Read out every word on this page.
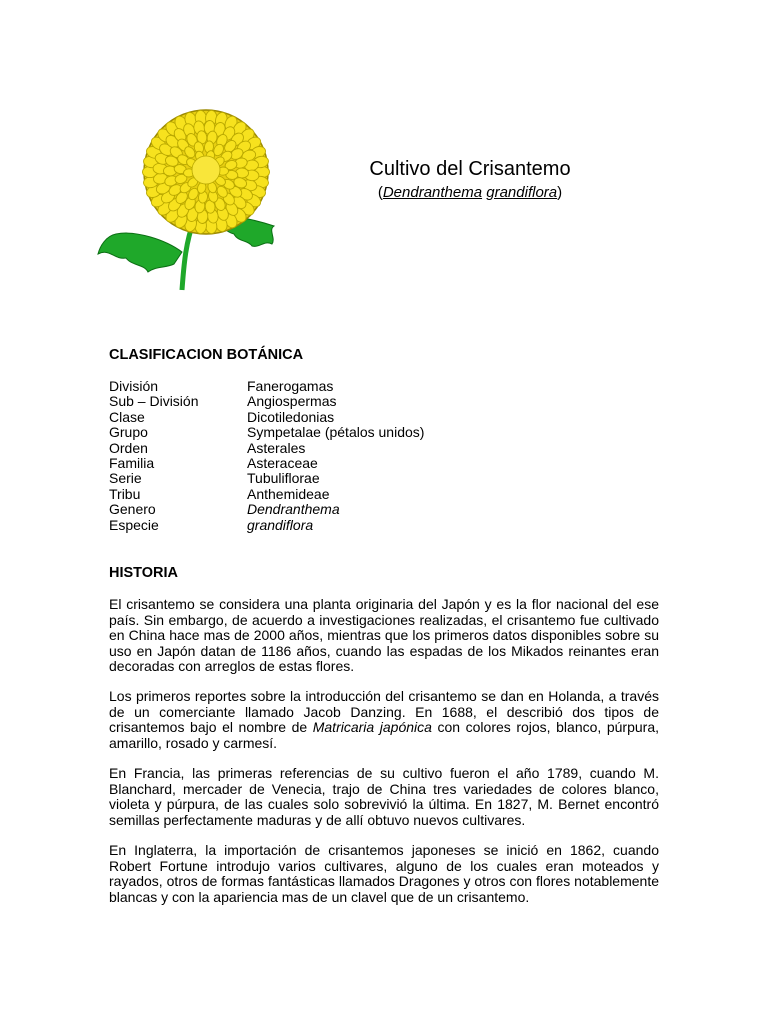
Cultivo del Crisantemo
(Dendranthema grandiflora)
CLASIFICACION BOTÁNICA
División	Fanerogamas
Sub – División	Angiospermas
Clase	Dicotiledonias
Grupo	Sympetalae (pétalos unidos)
Orden	Asterales
Familia	Asteraceae
Serie	Tubuliflorae
Tribu	Anthemideae
Genero	Dendranthema
Especie	grandiflora
HISTORIA

El crisantemo se considera una planta originaria del Japón y es la flor nacional del ese país. Sin embargo, de acuerdo a investigaciones realizadas, el crisantemo fue cultivado en China hace mas de 2000 años, mientras que los primeros datos disponibles sobre su uso en Japón datan de 1186 años, cuando las espadas de los Mikados reinantes eran decoradas con arreglos de estas flores.

Los primeros reportes sobre la introducción del crisantemo se dan en Holanda, a través de un comerciante llamado Jacob Danzing. En 1688, el describió dos tipos de crisantemos bajo el nombre de Matricaria japónica con colores rojos, blanco, púrpura, amarillo, rosado y carmesí.

En Francia, las primeras referencias de su cultivo fueron el año 1789, cuando M. Blanchard, mercader de Venecia, trajo de China tres variedades de colores blanco, violeta y púrpura, de las cuales solo sobrevivió la última. En 1827, M. Bernet encontró semillas perfectamente maduras y de allí obtuvo nuevos cultivares.

En Inglaterra, la importación de crisantemos japoneses se inició en 1862, cuando Robert Fortune introdujo varios cultivares, alguno de los cuales eran moteados y rayados, otros de formas fantásticas llamados Dragones y otros con flores notablemente blancas y con la apariencia mas de un clavel que de un crisantemo.
